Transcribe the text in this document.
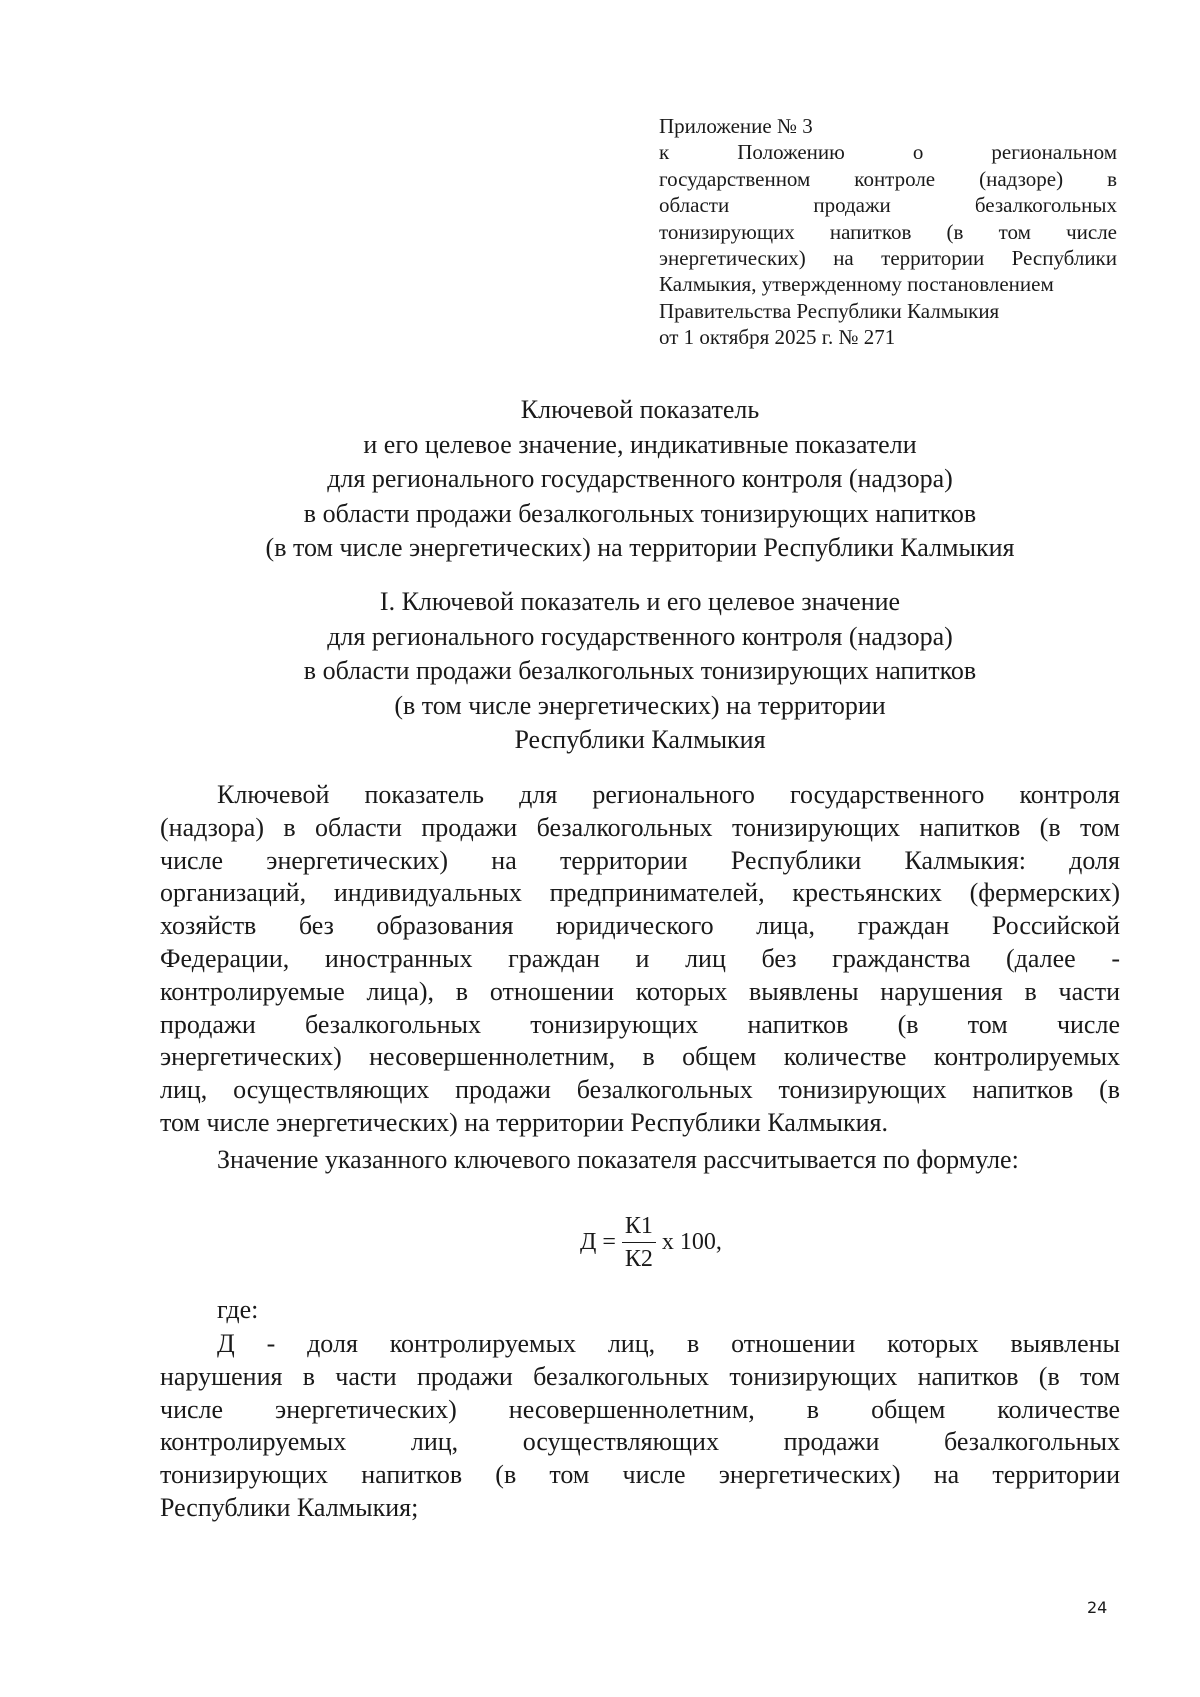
Приложение № 3
к Положению о региональном
государственном контроле (надзоре) в
области продажи безалкогольных
тонизирующих напитков (в том числе
энергетических) на территории Республики
Калмыкия, утвержденному постановлением
Правительства Республики Калмыкия
от 1 октября 2025 г. № 271
Ключевой показатель
и его целевое значение, индикативные показатели
для регионального государственного контроля (надзора)
в области продажи безалкогольных тонизирующих напитков
(в том числе энергетических) на территории Республики Калмыкия
I. Ключевой показатель и его целевое значение
для регионального государственного контроля (надзора)
в области продажи безалкогольных тонизирующих напитков
(в том числе энергетических) на территории
Республики Калмыкия
Ключевой показатель для регионального государственного контроля
(надзора) в области продажи безалкогольных тонизирующих напитков (в том
числе энергетических) на территории Республики Калмыкия: доля
организаций, индивидуальных предпринимателей, крестьянских (фермерских)
хозяйств без образования юридического лица, граждан Российской
Федерации, иностранных граждан и лиц без гражданства (далее -
контролируемые лица), в отношении которых выявлены нарушения в части
продажи безалкогольных тонизирующих напитков (в том числе
энергетических) несовершеннолетним, в общем количестве контролируемых
лиц, осуществляющих продажи безалкогольных тонизирующих напитков (в
том числе энергетических) на территории Республики Калмыкия.
Значение указанного ключевого показателя рассчитывается по формуле:
$Д = \frac{К1}{К2}$ х 100,
где:
Д - доля контролируемых лиц, в отношении которых выявлены
нарушения в части продажи безалкогольных тонизирующих напитков (в том
числе энергетических) несовершеннолетним, в общем количестве
контролируемых лиц, осуществляющих продажи безалкогольных
тонизирующих напитков (в том числе энергетических) на территории
Республики Калмыкия;
24
